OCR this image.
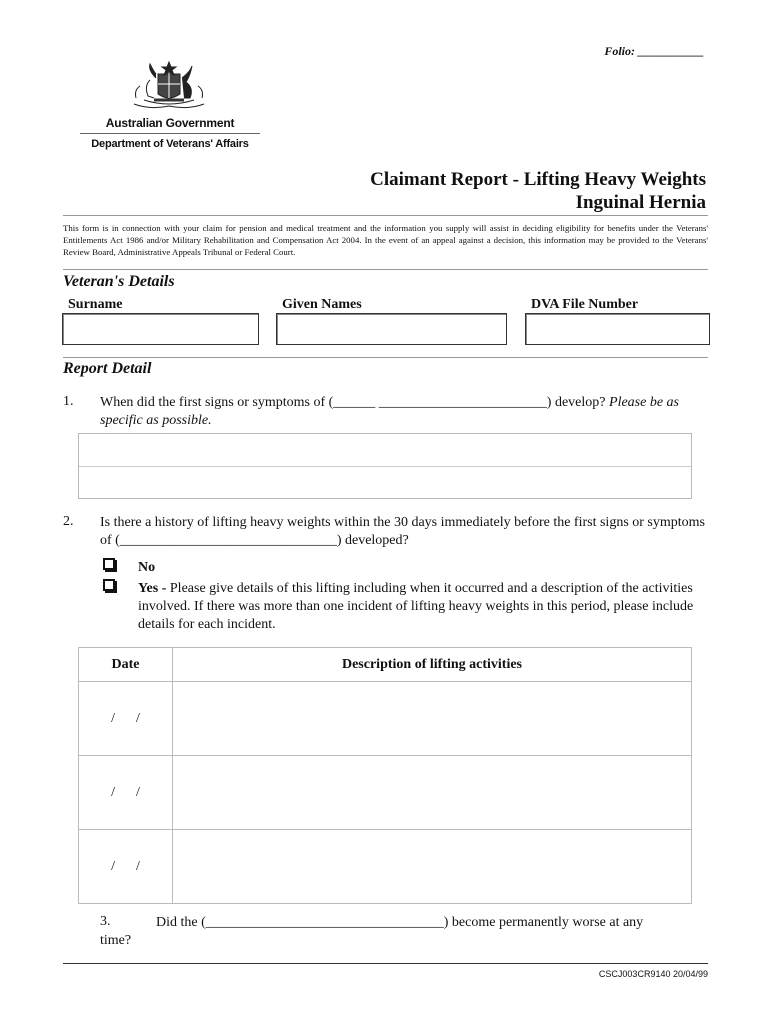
Folio: ___________
Australian Government
Department of Veterans' Affairs
Claimant Report - Lifting Heavy Weights
Inguinal Hernia
This form is in connection with your claim for pension and medical treatment and the information you supply will assist in deciding eligibility for benefits under the Veterans' Entitlements Act 1986 and/or Military Rehabilitation and Compensation Act 2004. In the event of an appeal against a decision, this information may be provided to the Veterans' Review Board, Administrative Appeals Tribunal or Federal Court.
Veteran's Details
Surname	Given Names	DVA File Number
Report Detail
1. When did the first signs or symptoms of (______ ________________________) develop? Please be as specific as possible.
2. Is there a history of lifting heavy weights within the 30 days immediately before the first signs or symptoms of (_______________________________) developed?
No
Yes - Please give details of this lifting including when it occurred and a description of the activities involved. If there was more than one incident of lifting heavy weights in this period, please include details for each incident.
Date	Description of lifting activities
/      /	
/      /	
/      /	
3.	Did the (__________________________________) become permanently worse at any
time?
CSCJ003CR9140 20/04/99
